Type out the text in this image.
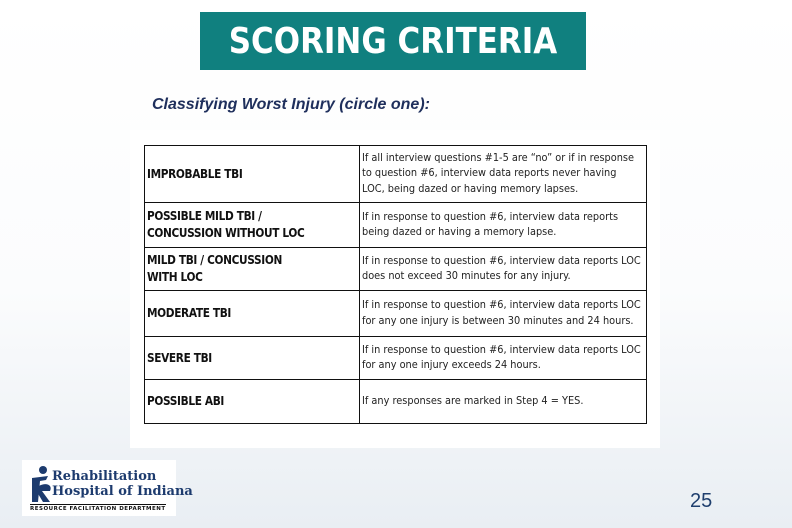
SCORING CRITERIA
Classifying Worst Injury (circle one):
IMPROBABLE TBI	If all interview questions #1-5 are “no” or if in response to question #6, interview data reports never having LOC, being dazed or having memory lapses.
POSSIBLE MILD TBI / CONCUSSION WITHOUT LOC	If in response to question #6, interview data reports being dazed or having a memory lapse.
MILD TBI / CONCUSSION WITH LOC	If in response to question #6, interview data reports LOC does not exceed 30 minutes for any injury.
MODERATE TBI	If in response to question #6, interview data reports LOC for any one injury is between 30 minutes and 24 hours.
SEVERE TBI	If in response to question #6, interview data reports LOC for any one injury exceeds 24 hours.
POSSIBLE ABI	If any responses are marked in Step 4 = YES.
Rehabilitation
Hospital of Indiana
RESOURCE FACILITATION DEPARTMENT	25
